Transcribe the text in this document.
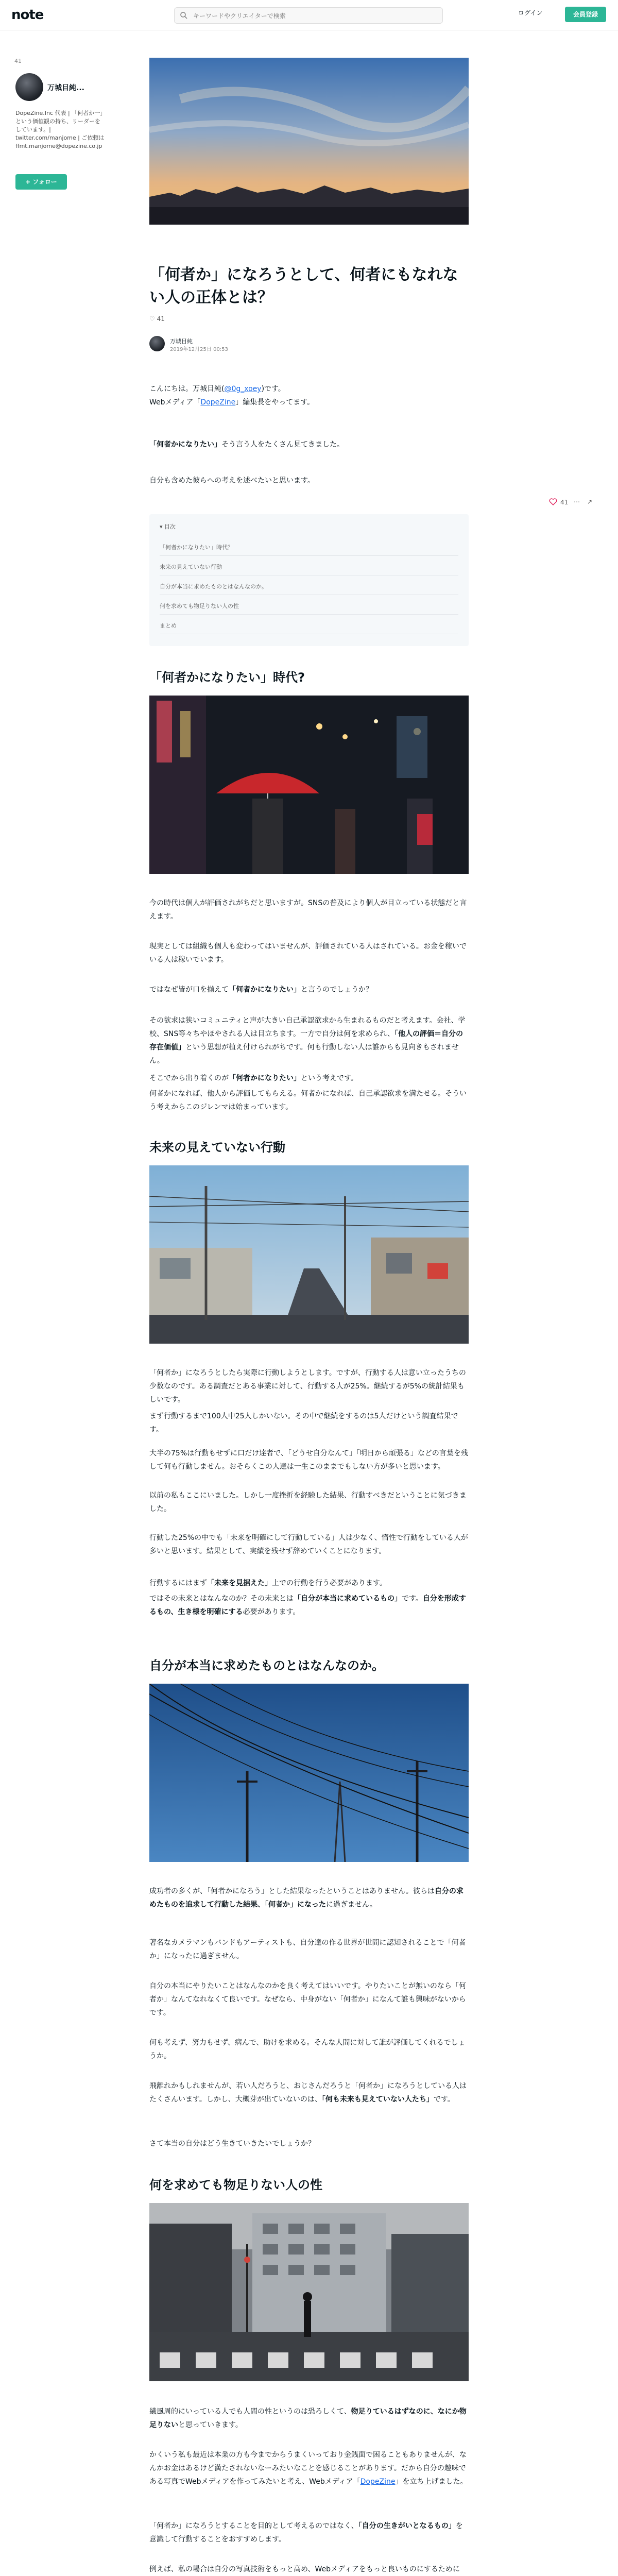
note
キーワードやクリエイターで検索	ログイン	会員登録
41
万城目純...
DopeZine.Inc 代表 | 「何者か一」
という価値観の持ち、リーダーを
しています。|
twitter.com/manjome | ご依頼は
ffmt.manjome@dopezine.co.jp
+ フォロー
41 ⋯ ↗
「何者か」になろうとして、何者にもなれない人の正体とは？
♡ 41
万城目純
2019年12月25日 00:53

こんにちは。万城目純(@0g_xoey)です。
Webメディア「DopeZine」編集長をやってます。

「何者かになりたい」そう言う人をたくさん見てきました。

自分も含めた彼らへの考えを述べたいと思います。

▾ 目次
「何者かになりたい」時代？
未来の見えていない行動
自分が本当に求めたものとはなんなのか。
何を求めても物足りない人の性
まとめ
「何者かになりたい」時代?

今の時代は個人が評価されがちだと思いますが。SNSの普及により個人が目立っている状態だと言えます。

現実としては組織も個人も変わってはいませんが、評価されている人はされている。お金を稼いでいる人は稼いでいます。

ではなぜ皆が口を揃えて「何者かになりたい」と言うのでしょうか？

その欲求は狭いコミュニティと声が大きい自己承認欲求から生まれるものだと考えます。会社、学校、SNS等々ちやほやされる人は目立ちます。一方で自分は何を求められ、「他人の評価＝自分の存在価値」という思想が植え付けられがちです。何も行動しない人は誰からも見向きもされません。

そこでから出り着くのが「何者かになりたい」という考えです。

何者かになれば、他人から評価してもらえる。何者かになれば、自己承認欲求を満たせる。そういう考えからこのジレンマは始まっています。

未来の見えていない行動

「何者か」になろうとしたら実際に行動しようとします。ですが、行動する人は意い立ったうちの少数なのです。ある調査だとある事業に対して、行動する人が25%。継続するが5%の統計結果もしいです。

まず行動するまで100人中25人しかいない。その中で継続をするのは5人だけという調査結果です。

大半の75%は行動もせずに口だけ達者で、「どうせ自分なんて」「明日から頑張る」などの言葉を残して何も行動しません。おそらくこの人達は一生このままでもしない方が多いと思います。

以前の私もここにいました。しかし一度挫折を経験した結果、行動すべきだということに気づきました。

行動した25%の中でも「未来を明確にして行動している」人は少なく、惰性で行動をしている人が多いと思います。結果として、実績を残せず辞めていくことになります。

行動するにはまず「未来を見据えた」上での行動を行う必要があります。

ではその未来とはなんなのか？その未来とは「自分が本当に求めているもの」です。自分を形成するもの、生き様を明確にする必要があります。

自分が本当に求めたものとはなんなのか。

成功者の多くが、「何者かになろう」とした結果なったということはありません。彼らは自分の求めたものを追求して行動した結果、「何者か」になったに過ぎません。

著名なカメラマンもバンドもアーティストも、自分達の作る世界が世間に認知されることで「何者か」になったに過ぎません。

自分の本当にやりたいことはなんなのかを良く考えてはいいです。やりたいことが無いのなら「何者か」なんてなれなくて良いです。なぜなら、中身がない「何者か」になんて誰も興味がないからです。

何も考えず、努力もせず、病んで、助けを求める。そんな人間に対して誰が評価してくれるでしょうか。

飛離れかもしれませんが、若い人だろうと、おじさんだろうと「何者か」になろうとしている人はたくさんいます。しかし、大概芽が出ていないのは、「何も未来も見えていない人たち」です。

さて本当の自分はどう生きていきたいでしょうか？

何を求めても物足りない人の性

繊風周的にいっている人でも人間の性というのは恐ろしくて、物足りているはずなのに、なにか物足りないと思っていきます。

かくいう私も最近は本業の方も今までからうまくいっており金銭面で困ることもありませんが、なんかお金はあるけど満たされないなーみたいなことを感じることがあります。だから自分の趣味である写真でWebメディアを作ってみたいと考え、Webメディア「DopeZine」を立ち上げました。

「何者か」になろうとすることを目的として考えるのではなく、「自分の生きがいとなるもの」を意識して行動することをおすすめします。

例えば、私の場合は自分の写真技術をもっと高め、Webメディアをもっと良いものにするために
